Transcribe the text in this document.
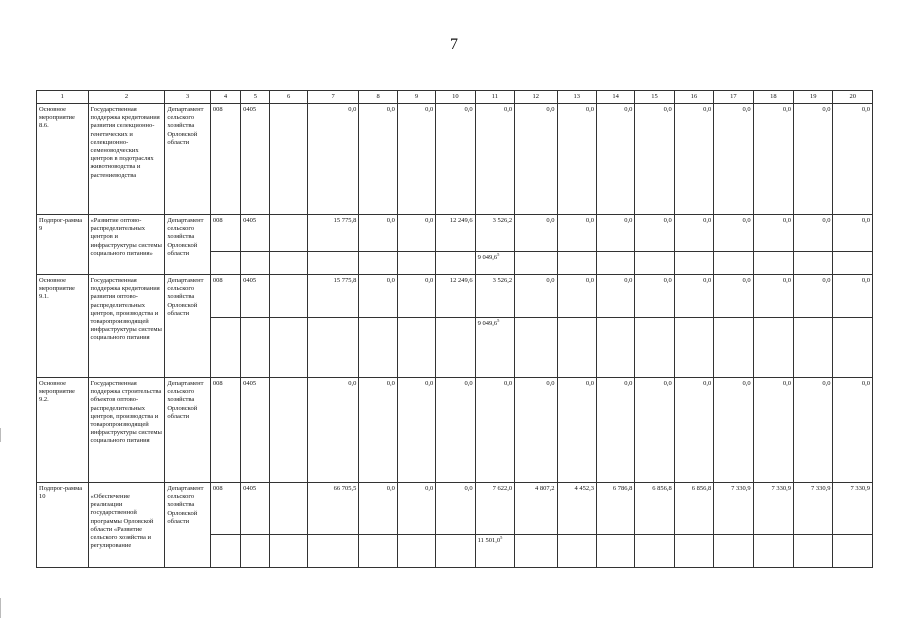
7
1	2	3	4	5	6	7	8	9	10	11	12	13	14	15	16	17	18	19	20
Основное мероприятие 8.6.	Государственная поддержка кредитования развития селекционно-генетических и селекционно-семеноводческих центров в подотраслях животноводства и растениеводства	Департамент сельского хозяйства Орловской области	008	0405		0,0	0,0	0,0	0,0	0,0	0,0	0,0	0,0	0,0	0,0	0,0	0,0	0,0	0,0
Подпрог-рамма 9	«Развитие оптово-распределительных центров и инфраструктуры системы социального питания»	Департамент сельского хозяйства Орловской области	008	0405		15 775,8	0,0	0,0	12 249,6	3 526,2	0,0	0,0	0,0	0,0	0,0	0,0	0,0	0,0	0,0
										9 049,6$^5$									
Основное мероприятие 9.1.	Государственная поддержка кредитования развития оптово-распределительных центров, производства и товаропроизводящей инфраструктуры системы социального питания	Департамент сельского хозяйства Орловской области	008	0405		15 775,8	0,0	0,0	12 249,6	3 526,2	0,0	0,0	0,0	0,0	0,0	0,0	0,0	0,0	0,0
										9 049,6$^5$									
Основное мероприятие 9.2.	Государственная поддержка строительства объектов оптово-распределительных центров, производства и товаропроизводящей инфраструктуры системы социального питания	Департамент сельского хозяйства Орловской области	008	0405		0,0	0,0	0,0	0,0	0,0	0,0	0,0	0,0	0,0	0,0	0,0	0,0	0,0	0,0
Подпрог-рамма 10	«Обеспечение реализации государственной программы Орловской области «Развитие сельского хозяйства и регулирование	Департамент сельского хозяйства Орловской области	008	0405		66 705,5	0,0	0,0	0,0	7 622,0	4 807,2	4 452,3	6 786,8	6 856,8	6 856,8	7 330,9	7 330,9	7 330,9	7 330,9
										11 501,0$^5$									
